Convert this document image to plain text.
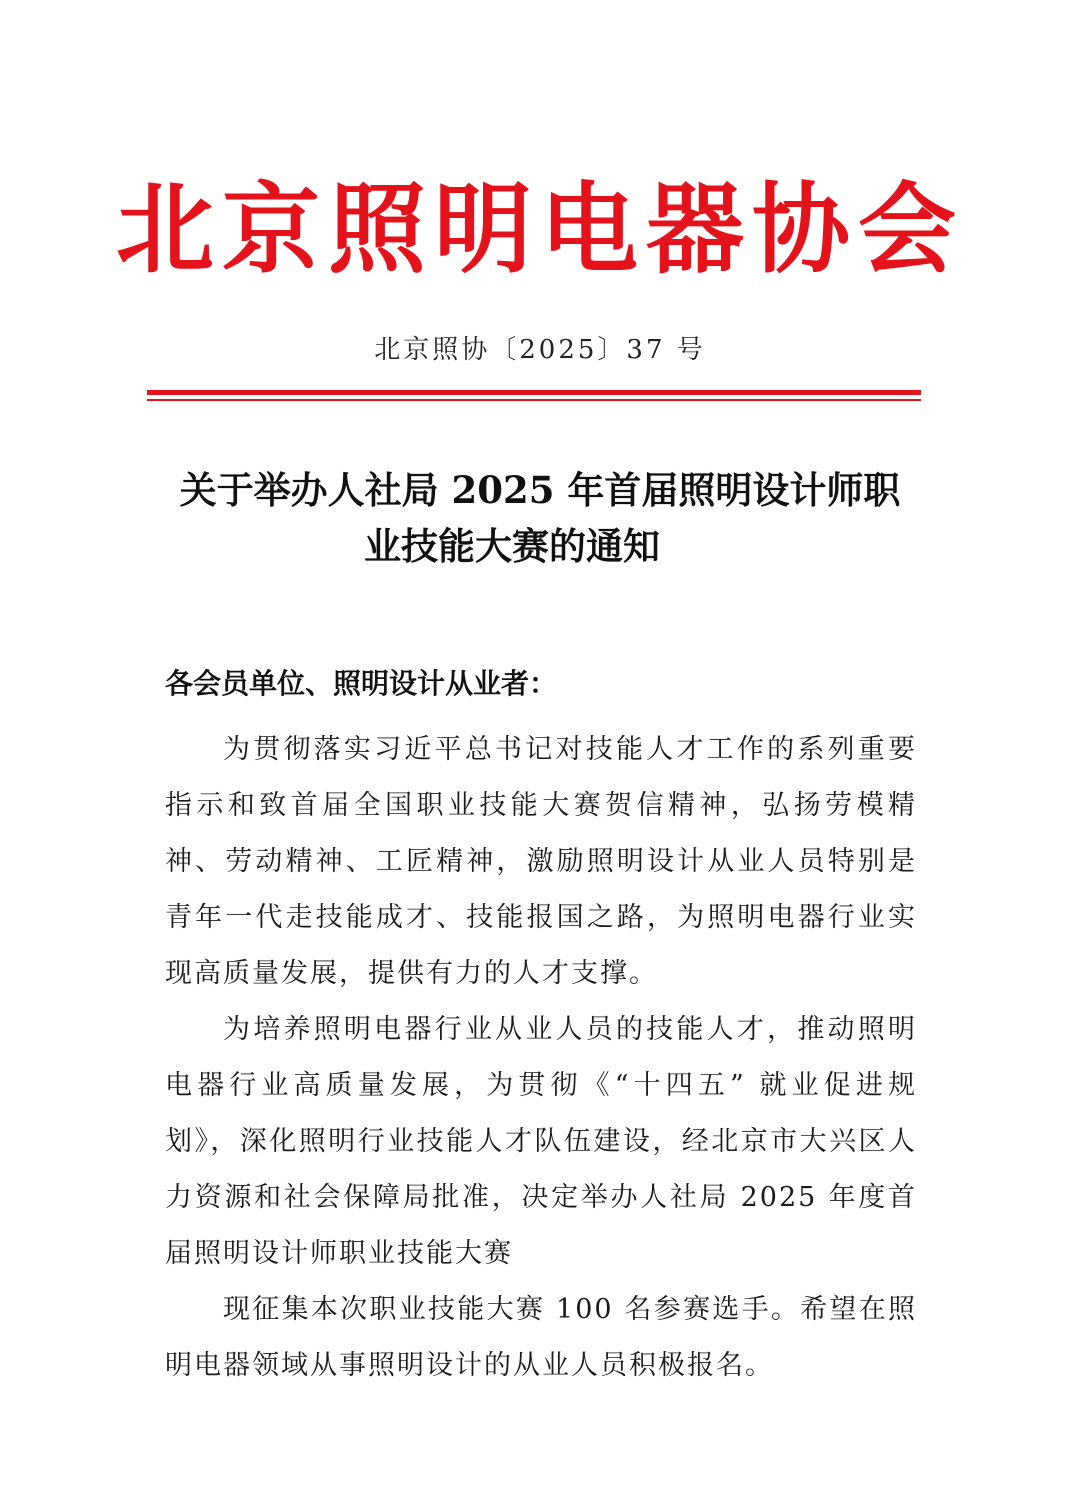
北京照明电器协会
北京照协〔2025〕37 号
关于举办人社局 2025 年首届照明设计师职
业技能大赛的通知
各会员单位、照明设计从业者：

为贯彻落实习近平总书记对技能人才工作的系列重要指示和致首届全国职业技能大赛贺信精神，弘扬劳模精神、劳动精神、工匠精神，激励照明设计从业人员特别是青年一代走技能成才、技能报国之路，为照明电器行业实现高质量发展，提供有力的人才支撑。

为培养照明电器行业从业人员的技能人才，推动照明电器行业高质量发展，为贯彻《“十四五” 就业促进规划》，深化照明行业技能人才队伍建设，经北京市大兴区人力资源和社会保障局批准，决定举办人社局 2025 年度首届照明设计师职业技能大赛

现征集本次职业技能大赛 100 名参赛选手。希望在照明电器领域从事照明设计的从业人员积极报名。
